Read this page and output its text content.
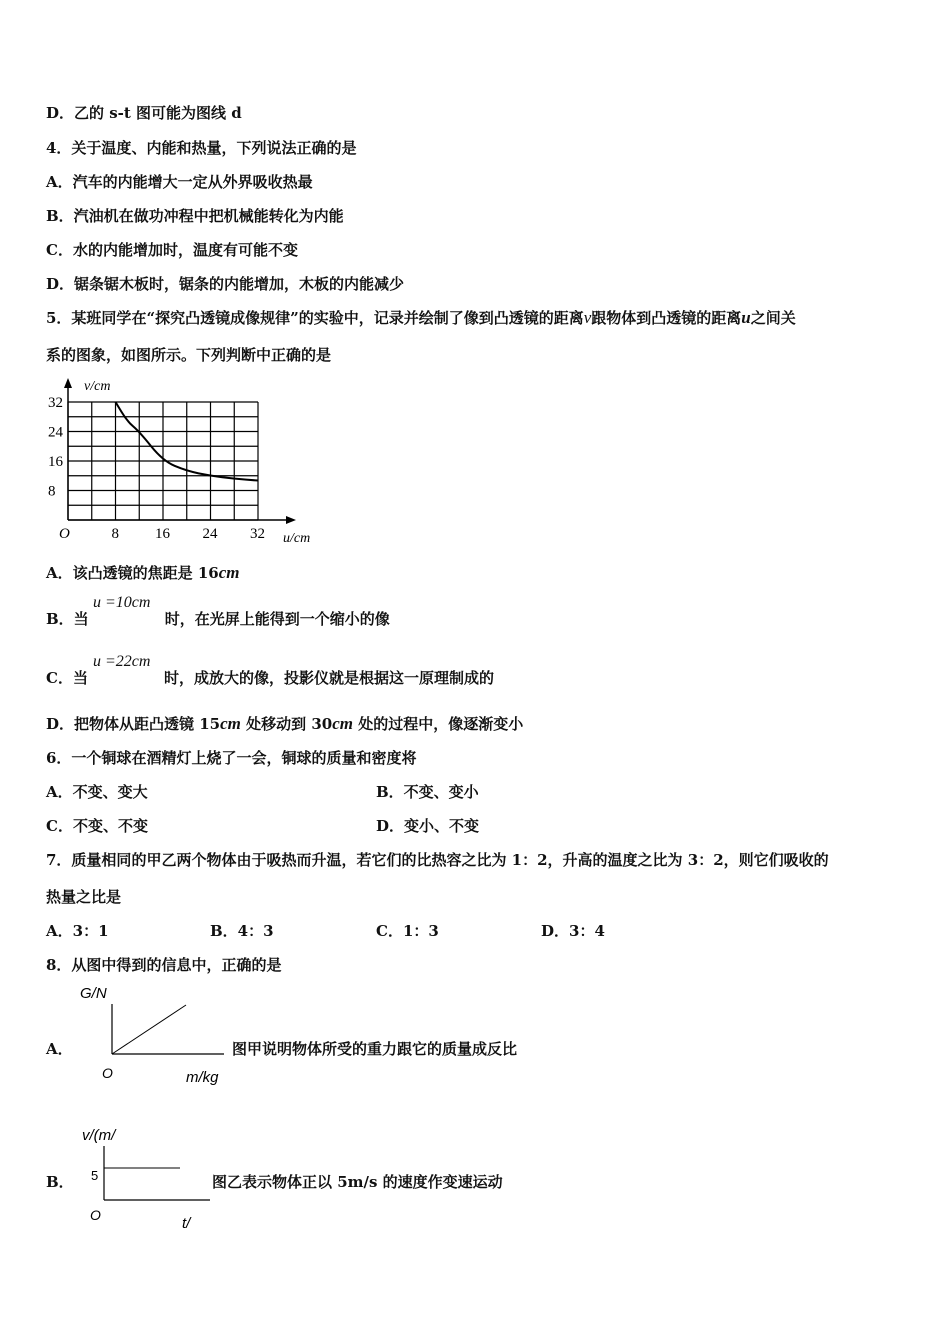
D．乙的 s-t 图可能为图线 d
4．关于温度、内能和热量，下列说法正确的是
A．汽车的内能增大一定从外界吸收热最
B．汽油机在做功冲程中把机械能转化为内能
C．水的内能增加时，温度有可能不变
D．锯条锯木板时，锯条的内能增加，木板的内能减少
5．某班同学在“探究凸透镜成像规律”的实验中，记录并绘制了像到凸透镜的距离v跟物体到凸透镜的距离u之间关
系的图象，如图所示。下列判断中正确的是
v/cm
u/cm
O
32
24
16
8
8 16 24 32
A．该凸透镜的焦距是 16cm
B．当	时，在光屏上能得到一个缩小的像
u =10cm
C．当	时，成放大的像，投影仪就是根据这一原理制成的
u =22cm
D．把物体从距凸透镜 15cm 处移动到 30cm 处的过程中，像逐渐变小
6．一个铜球在酒精灯上烧了一会，铜球的质量和密度将
A．不变、变大	B．不变、变小
C．不变、不变	D．变小、不变
7．质量相同的甲乙两个物体由于吸热而升温，若它们的比热容之比为 1：2，升高的温度之比为 3：2，则它们吸收的
热量之比是
A．3：1	B．4：3	C．1：3	D．3：4
8．从图中得到的信息中，正确的是
A．
G/N
O	m/kg
图甲说明物体所受的重力跟它的质量成反比
B．
v/(m/
5
O	t/
图乙表示物体正以 5m/s 的速度作变速运动
